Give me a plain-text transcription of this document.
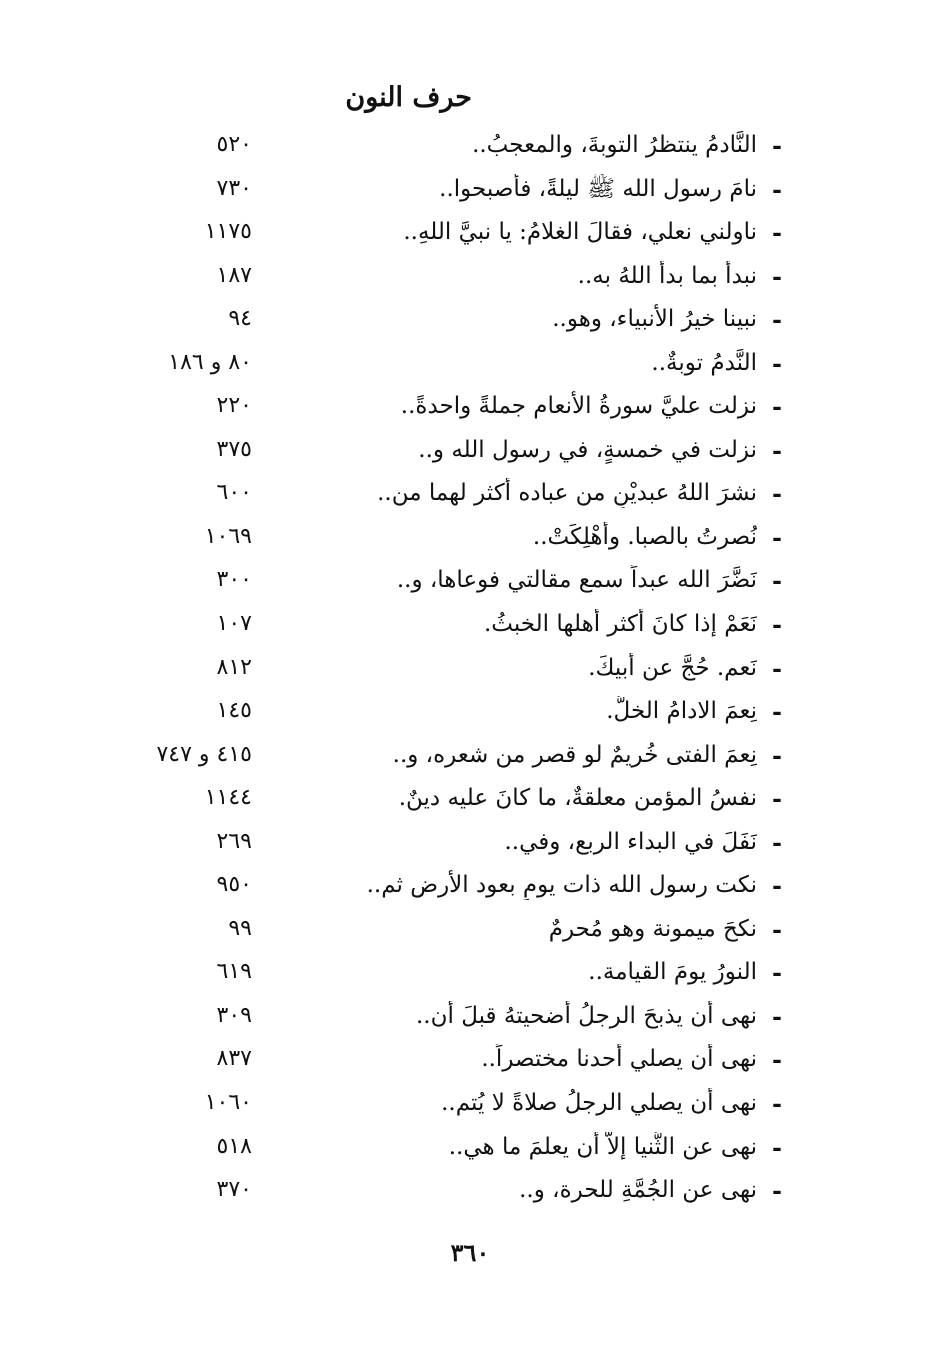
حرف النون
-
النَّادمُ ينتظرُ التوبةَ، والمعجبُ..
٥٢٠
-
نامَ رسول الله ﷺ ليلةً، فأصبحوا..
٧٣٠
-
ناولني نعلي، فقالَ الغلامُ: يا نبيَّ اللهِ..
١١٧٥
-
نبدأ بما بدأ اللهُ به..
١٨٧
-
نبينا خيرُ الأنبياء، وهو..
٩٤
-
النَّدمُ توبةٌ..
٨٠ و ١٨٦
-
نزلت عليَّ سورةُ الأنعام جملةً واحدةً..
٢٢٠
-
نزلت في خمسةٍ، في رسول الله و..
٣٧٥
-
نشرَ اللهُ عبديْنِ من عباده أكثر لهما من..
٦٠٠
-
نُصرتُ بالصبا. وأُهْلِكَتْ..
١٠٦٩
-
نَضَّرَ الله عبداً سمع مقالتي فوعاها، و..
٣٠٠
-
نَعَمْ إذا كانَ أكثر أهلها الخبثُ.
١٠٧
-
نَعم. حُجَّ عن أبيكَ.
٨١٢
-
نِعمَ الادامُ الخلُّ.
١٤٥
-
نِعمَ الفتى خُريمٌ لو قصر من شعره، و..
٤١٥ و ٧٤٧
-
نفسُ المؤمن معلقةٌ، ما كانَ عليه دينٌ.
١١٤٤
-
نَفَلَ في البداء الربع، وفي..
٢٦٩
-
نكت رسول الله ذات يومٍ بعود الأرض ثم..
٩٥٠
-
نكحَ ميمونة وهو مُحرمٌ
٩٩
-
النورُ يومَ القيامة..
٦١٩
-
نهى أن يذبحَ الرجلُ أضحيتهُ قبلَ أن..
٣٠٩
-
نهى أن يصلي أحدنا مختصراً..
٨٣٧
-
نهى أن يصلي الرجلُ صلاةً لا يُتم..
١٠٦٠
-
نهى عن الثُّنيا إلاَّ أن يعلمَ ما هي..
٥١٨
-
نهى عن الجُمَّةِ للحرة، و..
٣٧٠
٣٦٠
